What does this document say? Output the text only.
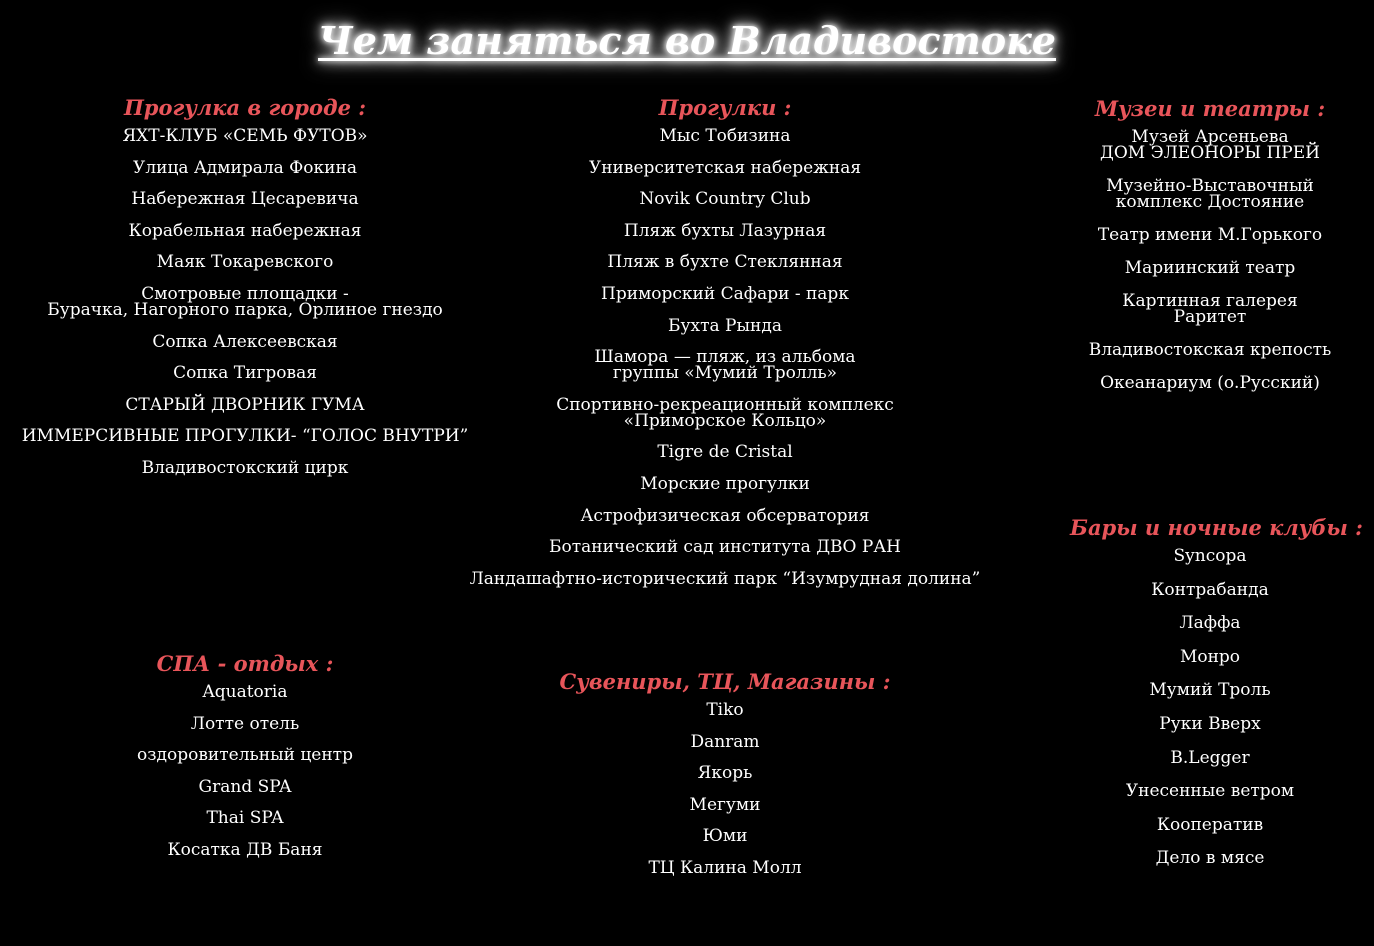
Чем заняться во Владивостоке
Прогулка в городе :
ЯХТ-КЛУБ «СЕМЬ ФУТОВ»
Улица Адмирала Фокина
Набережная Цесаревича
Корабельная набережная
Маяк Токаревского
Смотровые площадки -
Бурачка, Нагорного парка, Орлиное гнездо
Сопка Алексеевская
Сопка Тигровая
СТАРЫЙ ДВОРНИК ГУМА
ИММЕРСИВНЫЕ ПРОГУЛКИ- “ГОЛОС ВНУТРИ”
Владивостокский цирк
Прогулки :
Мыс Тобизина
Университетская набережная
Novik Country Club
Пляж бухты Лазурная
Пляж в бухте Стеклянная
Приморский Сафари - парк
Бухта Рында
Шамора — пляж, из альбома
группы «Мумий Тролль»
Спортивно-рекреационный комплекс
«Приморское Кольцо»
Tigre de Cristal
Морские прогулки
Астрофизическая обсерватория
Ботанический сад института ДВО РАН
Ландашафтно-исторический парк “Изумрудная долина”
Музеи и театры :
Музей Арсеньева
ДОМ ЭЛЕОНОРЫ ПРЕЙ
Музейно-Выставочный
комплекс Достояние
Театр имени М.Горького
Мариинский театр
Картинная галерея
Раритет
Владивостокская крепость
Океанариум (о.Русский)
СПА - отдых :
Aquatoria
Лотте отель
оздоровительный центр
Grand SPA
Thai SPA
Косатка ДВ Баня
Сувениры, ТЦ, Магазины :
Tiko
Danram
Якорь
Мегуми
Юми
ТЦ Калина Молл
Бары и ночные клубы :
Syncopa
Контрабанда
Лаффа
Монро
Мумий Троль
Руки Вверх
B.Legger
Унесенные ветром
Кооператив
Дело в мясе
